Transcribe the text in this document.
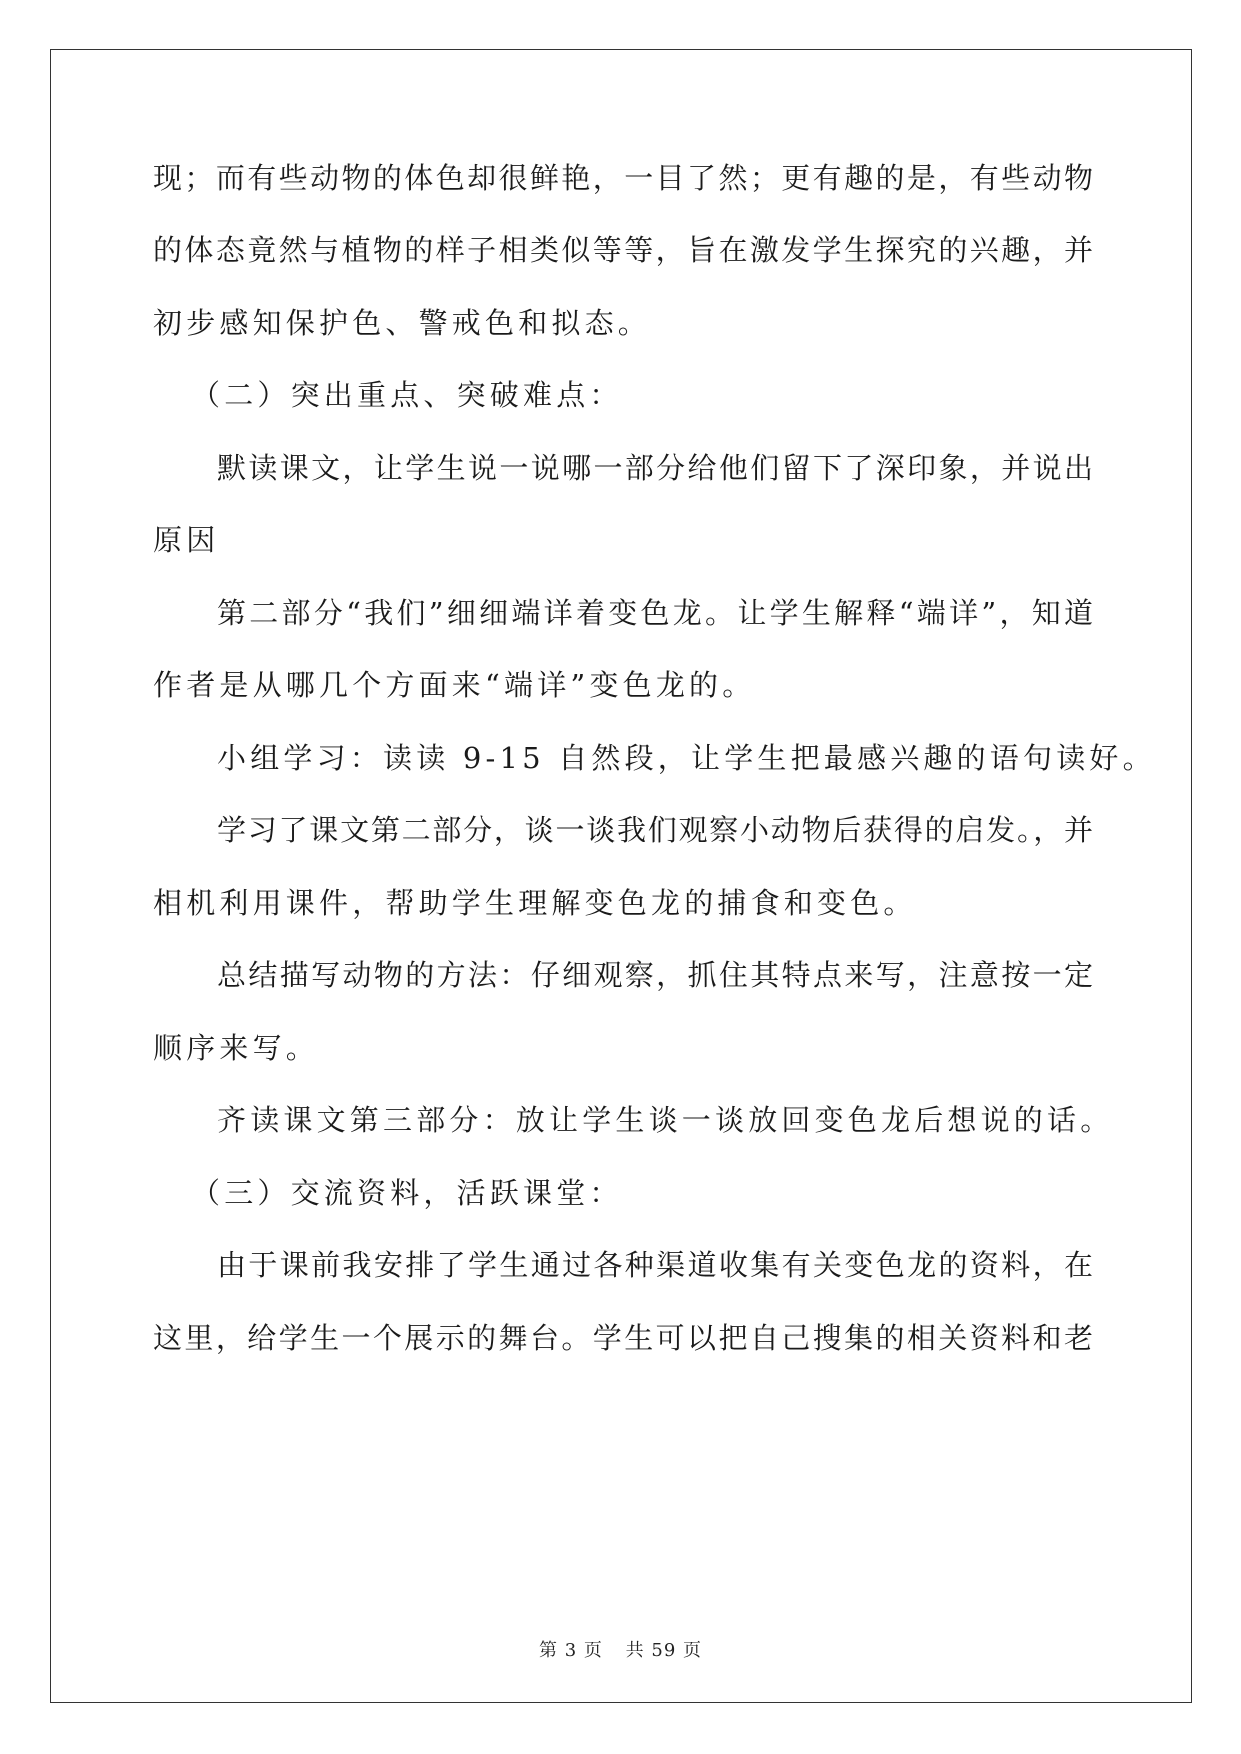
现；而有些动物的体色却很鲜艳，一目了然；更有趣的是，有些动物
的体态竟然与植物的样子相类似等等，旨在激发学生探究的兴趣，并
初步感知保护色、警戒色和拟态。
（二）突出重点、突破难点：
默读课文，让学生说一说哪一部分给他们留下了深印象，并说出
原因
第二部分“我们”细细端详着变色龙。让学生解释“端详”，知道
作者是从哪几个方面来“端详”变色龙的。
小组学习：读读 9-15 自然段，让学生把最感兴趣的语句读好。
学习了课文第二部分，谈一谈我们观察小动物后获得的启发。，并
相机利用课件，帮助学生理解变色龙的捕食和变色。
总结描写动物的方法：仔细观察，抓住其特点来写，注意按一定
顺序来写。
齐读课文第三部分：放让学生谈一谈放回变色龙后想说的话。
（三）交流资料，活跃课堂：
由于课前我安排了学生通过各种渠道收集有关变色龙的资料，在
这里，给学生一个展示的舞台。学生可以把自己搜集的相关资料和老
第 3 页 共 59 页
